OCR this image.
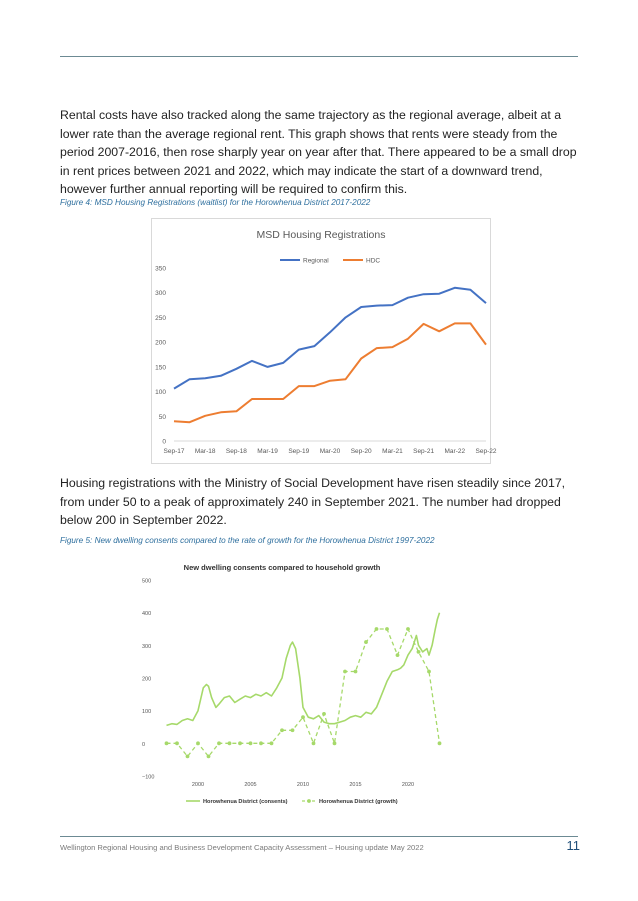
Rental costs have also tracked along the same trajectory as the regional average, albeit at a lower rate than the average regional rent. This graph shows that rents were steady from the period 2007-2016, then rose sharply year on year after that. There appeared to be a small drop in rent prices between 2021 and 2022, which may indicate the start of a downward trend, however further annual reporting will be required to confirm this.

Figure 4: MSD Housing Registrations (waitlist) for the Horowhenua District 2017-2022
MSD Housing Registrations
Regional	HDC
0
50
100
150
200
250
300
350
Sep-17 Mar-18 Sep-18 Mar-19 Sep-19 Mar-20 Sep-20 Mar-21 Sep-21 Mar-22 Sep-22

Housing registrations with the Ministry of Social Development have risen steadily since 2017, from under 50 to a peak of approximately 240 in September 2021. The number had dropped below 200 in September 2022.

Figure 5: New dwelling consents compared to the rate of growth for the Horowhenua District 1997-2022
New dwelling consents compared to household growth
−100
0
100
200
300
400
500
2000	2005	2010	2015	2020
Horowhenua District (consents)	Horowhenua District (growth)
Wellington Regional Housing and Business Development Capacity Assessment – Housing update May 2022	11
